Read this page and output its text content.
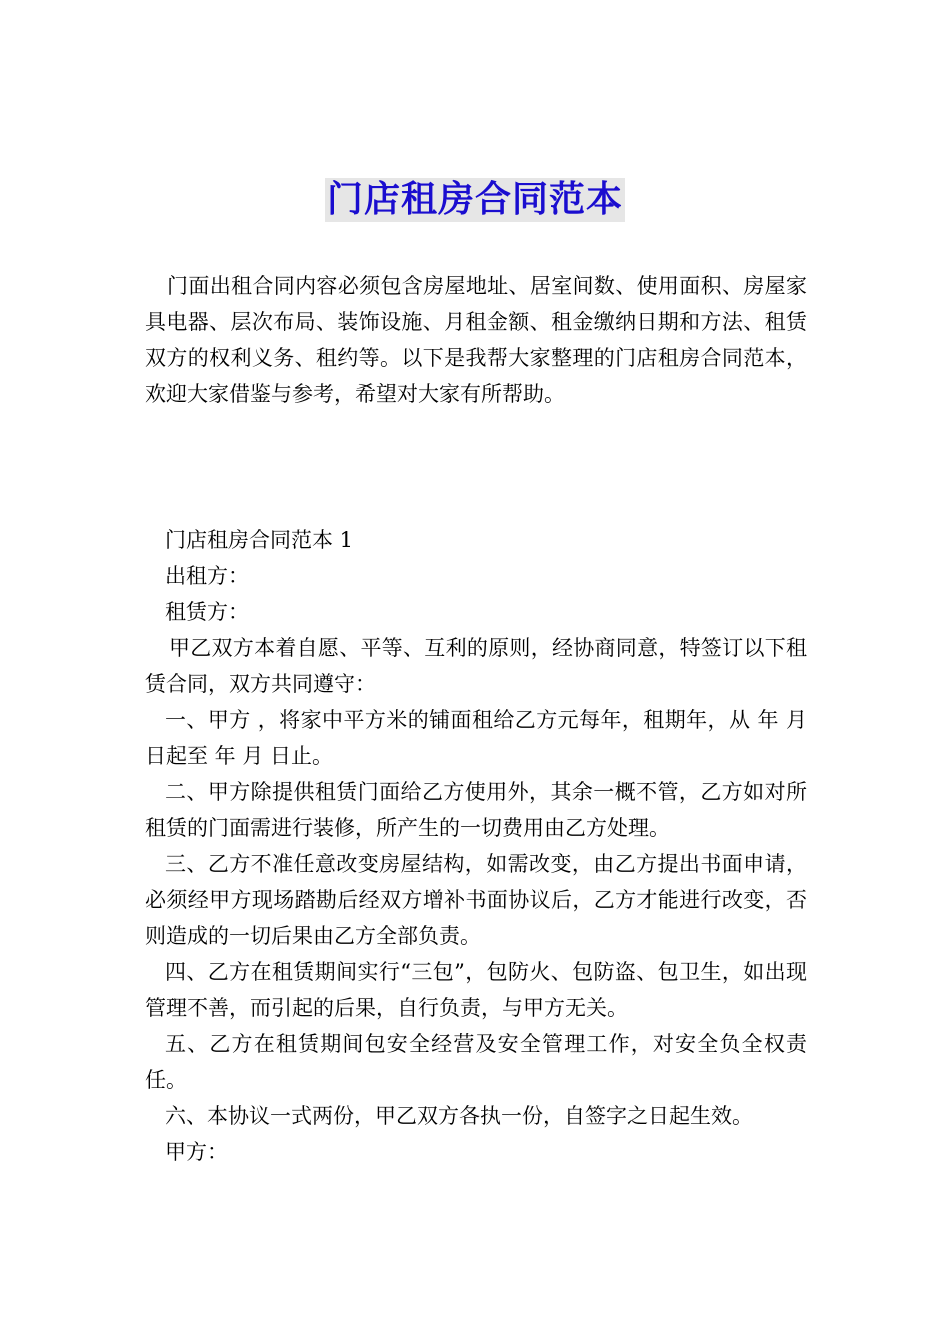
门店租房合同范本

门面出租合同内容必须包含房屋地址、居室间数、使用面积、房屋家具电器、层次布局、装饰设施、月租金额、租金缴纳日期和方法、租赁双方的权利义务、租约等。以下是我帮大家整理的门店租房合同范本，欢迎大家借鉴与参考，希望对大家有所帮助。

门店租房合同范本 1

出租方：

租赁方：

甲乙双方本着自愿、平等、互利的原则，经协商同意，特签订以下租赁合同，双方共同遵守：

一、甲方 ，将家中平方米的铺面租给乙方元每年，租期年，从 年 月 日起至 年 月 日止。

二、甲方除提供租赁门面给乙方使用外，其余一概不管，乙方如对所租赁的门面需进行装修，所产生的一切费用由乙方处理。

三、乙方不准任意改变房屋结构，如需改变，由乙方提出书面申请，必须经甲方现场踏勘后经双方增补书面协议后，乙方才能进行改变，否则造成的一切后果由乙方全部负责。

四、乙方在租赁期间实行“三包”，包防火、包防盗、包卫生，如出现管理不善，而引起的后果，自行负责，与甲方无关。

五、乙方在租赁期间包安全经营及安全管理工作，对安全负全权责任。

六、本协议一式两份，甲乙双方各执一份，自签字之日起生效。

甲方：
